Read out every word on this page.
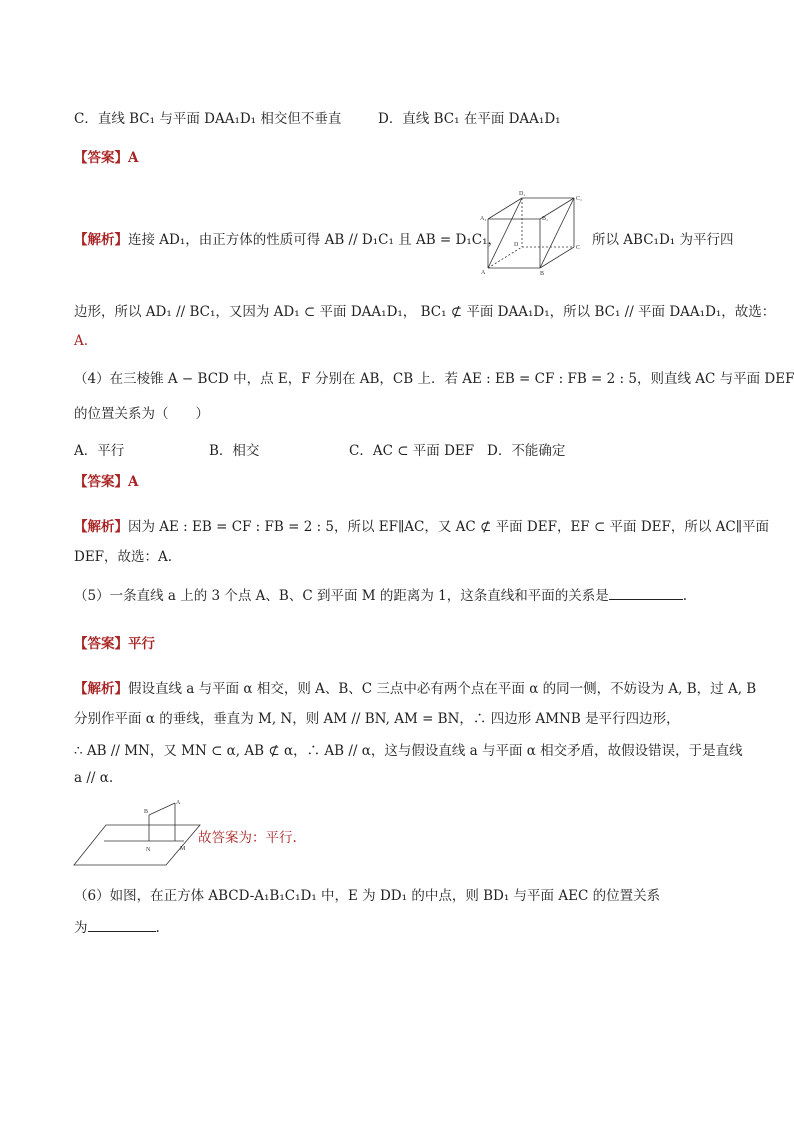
C．直线 BC₁ 与平面 DAA₁D₁ 相交但不垂直	D．直线 BC₁ 在平面 DAA₁D₁
【答案】A
【解析】连接 AD₁，由正方体的性质可得 AB // D₁C₁ 且 AB = D₁C₁，
D₁
C₁
A₁	B₁
D	C
A	B
所以 ABC₁D₁ 为平行四
边形，所以 AD₁ // BC₁，又因为 AD₁ ⊂ 平面 DAA₁D₁， BC₁ ⊄ 平面 DAA₁D₁，所以 BC₁ // 平面 DAA₁D₁，故选：
A.
（4）在三棱锥 A − BCD 中，点 E，F 分别在 AB，CB 上．若 AE : EB = CF : FB = 2 : 5，则直线 AC 与平面 DEF
的位置关系为（　　）
A．平行	B．相交	C．AC ⊂ 平面 DEF D．不能确定
【答案】A
【解析】因为 AE : EB = CF : FB = 2 : 5，所以 EF∥AC，又 AC ⊄ 平面 DEF，EF ⊂ 平面 DEF，所以 AC∥平面
DEF，故选：A.
（5）一条直线 a 上的 3 个点 A、B、C 到平面 M 的距离为 1，这条直线和平面的关系是	.
【答案】平行
【解析】假设直线 a 与平面 α 相交，则 A、B、C 三点中必有两个点在平面 α 的同一侧，不妨设为 A, B，过 A, B
分别作平面 α 的垂线，垂直为 M, N，则 AM // BN, AM = BN，∴ 四边形 AMNB 是平行四边形，
∴ AB // MN，又 MN ⊂ α, AB ⊄ α，∴ AB // α，这与假设直线 a 与平面 α 相交矛盾，故假设错误，于是直线
a // α.
B
A
N	M
故答案为：平行.
（6）如图，在正方体 ABCD-A₁B₁C₁D₁ 中，E 为 DD₁ 的中点，则 BD₁ 与平面 AEC 的位置关系
为	.
